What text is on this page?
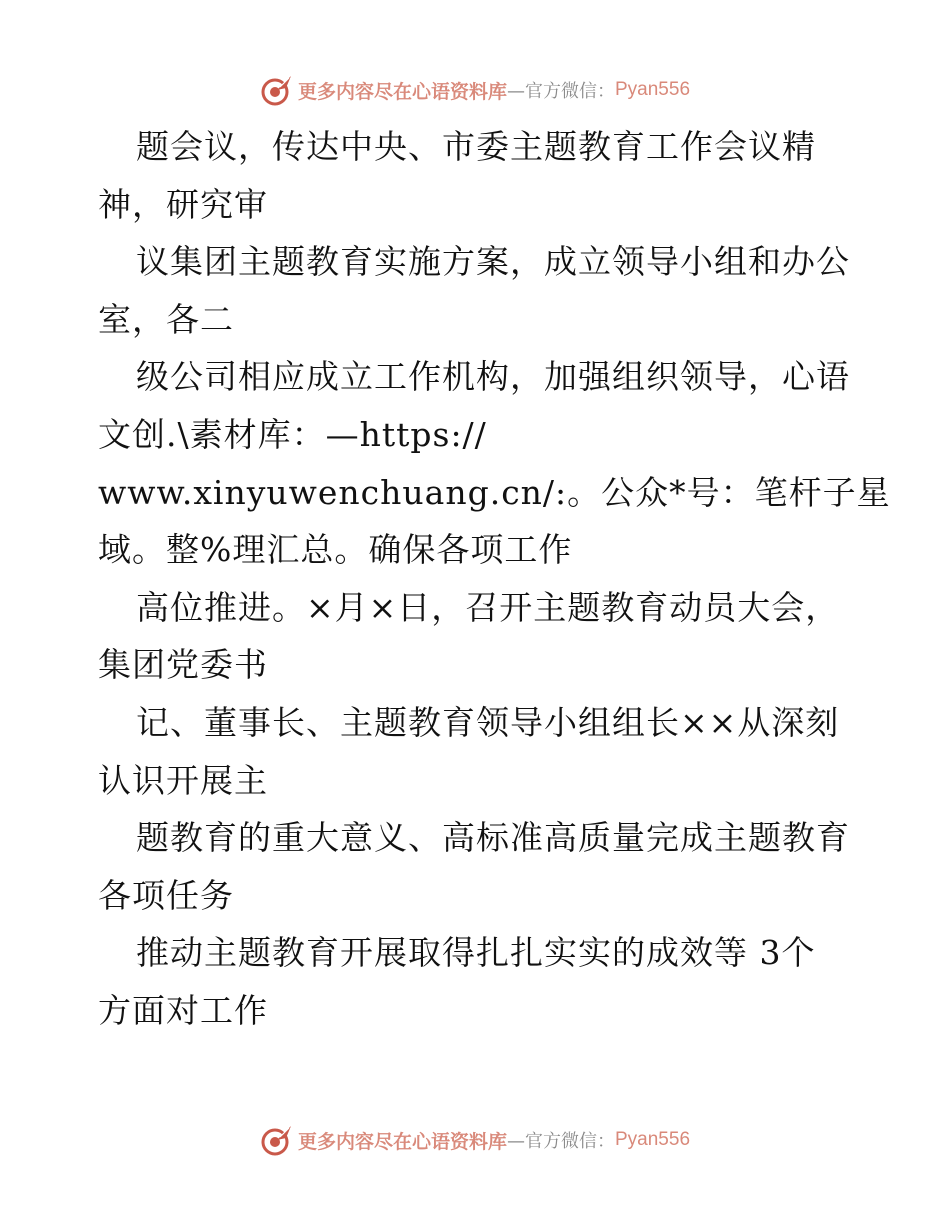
更多内容尽在心语资料库 —官方微信： Pyan556
题会议，传达中央、市委主题教育工作会议精
神，研究审
议集团主题教育实施方案，成立领导小组和办公
室，各二
级公司相应成立工作机构，加强组织领导，心语
文创.\素材库：—https://
www.xinyuwenchuang.cn/:。公众*号：笔杆子星
域。整%理汇总。确保各项工作
高位推进。×月×日，召开主题教育动员大会，
集团党委书
记、董事长、主题教育领导小组组长××从深刻
认识开展主
题教育的重大意义、高标准高质量完成主题教育
各项任务
推动主题教育开展取得扎扎实实的成效等 3个
方面对工作
更多内容尽在心语资料库 —官方微信： Pyan556
